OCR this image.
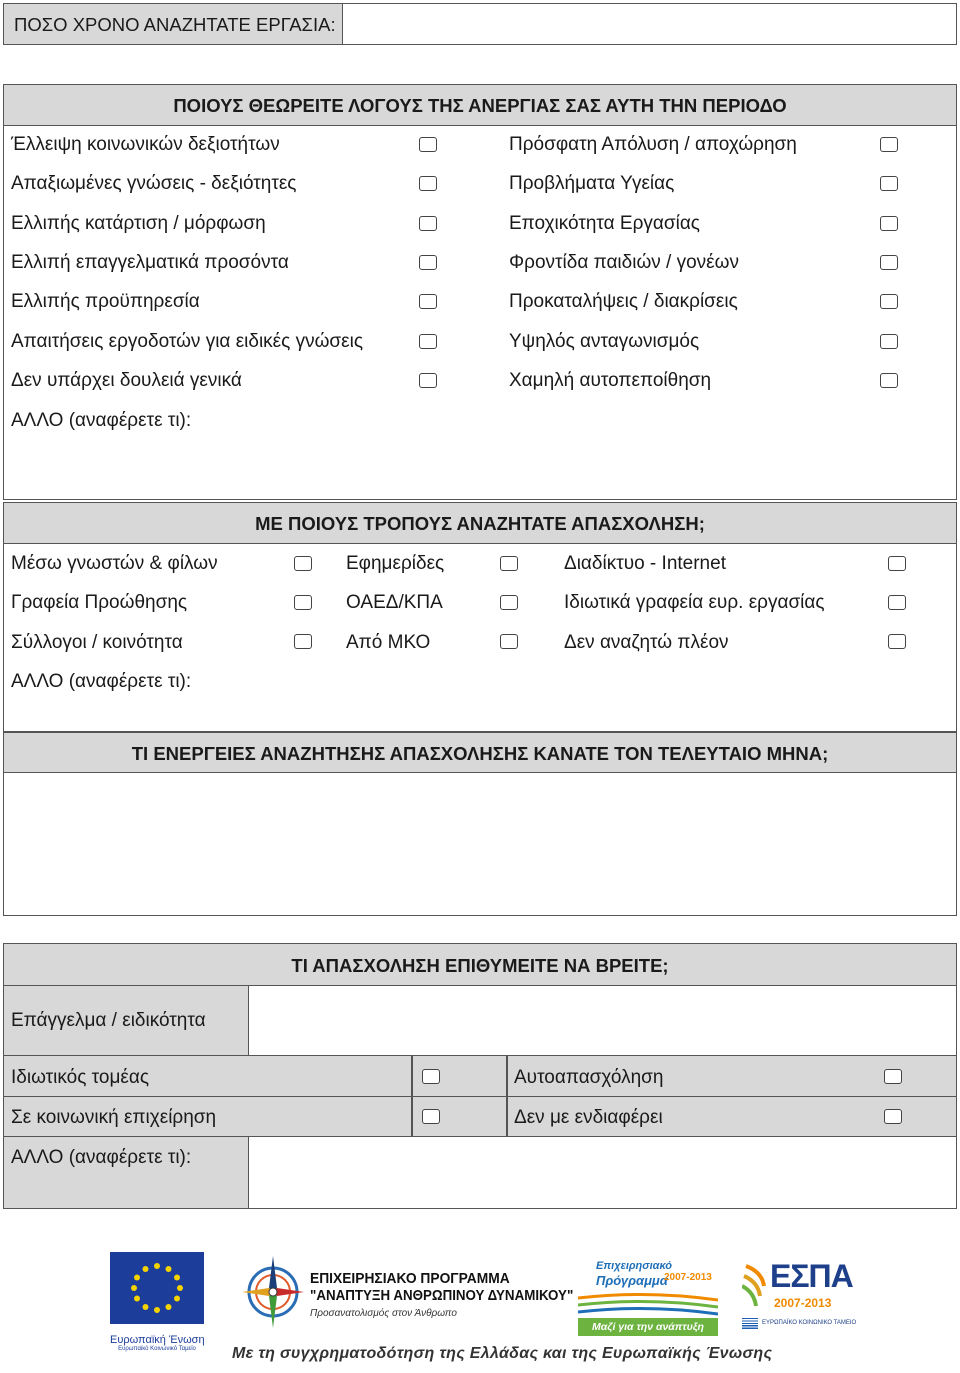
ΠΟΣΟ ΧΡΟΝΟ ΑΝΑΖΗΤΑΤΕ ΕΡΓΑΣΙΑ:
ΠΟΙΟΥΣ ΘΕΩΡΕΙΤΕ ΛΟΓΟΥΣ ΤΗΣ ΑΝΕΡΓΙΑΣ ΣΑΣ ΑΥΤΗ ΤΗΝ ΠΕΡΙΟΔΟ
Έλλειψη κοινωνικών δεξιοτήτων
Απαξιωμένες γνώσεις - δεξιότητες
Ελλιπής κατάρτιση / μόρφωση
Ελλιπή επαγγελματικά προσόντα
Ελλιπής προϋπηρεσία
Απαιτήσεις εργοδοτών για ειδικές γνώσεις
Δεν υπάρχει δουλειά γενικά
Πρόσφατη Απόλυση / αποχώρηση
Προβλήματα Υγείας
Εποχικότητα Εργασίας
Φροντίδα παιδιών / γονέων
Προκαταλήψεις / διακρίσεις
Υψηλός ανταγωνισμός
Χαμηλή αυτοπεποίθηση
ΑΛΛΟ (αναφέρετε τι):
ΜΕ ΠΟΙΟΥΣ ΤΡΟΠΟΥΣ ΑΝΑΖΗΤΑΤΕ ΑΠΑΣΧΟΛΗΣΗ;
Μέσω γνωστών & φίλων
Γραφεία Προώθησης
Σύλλογοι / κοινότητα
Εφημερίδες
ΟΑΕΔ/ΚΠΑ
Από ΜΚΟ
Διαδίκτυο - Internet
Ιδιωτικά γραφεία ευρ. εργασίας
Δεν αναζητώ πλέον
ΑΛΛΟ (αναφέρετε τι):
ΤΙ ΕΝΕΡΓΕΙΕΣ ΑΝΑΖΗΤΗΣΗΣ ΑΠΑΣΧΟΛΗΣΗΣ ΚΑΝΑΤΕ ΤΟΝ ΤΕΛΕΥΤΑΙΟ ΜΗΝΑ;
ΤΙ ΑΠΑΣΧΟΛΗΣΗ ΕΠΙΘΥΜΕΙΤΕ ΝΑ ΒΡΕΙΤΕ;
Επάγγελμα / ειδικότητα
Ιδιωτικός τομέας
Σε κοινωνική επιχείρηση
Αυτοαπασχόληση
Δεν με ενδιαφέρει
ΑΛΛΟ (αναφέρετε τι):
Ευρωπαϊκή Ένωση
Ευρωπαϊκό Κοινωνικό Ταμείο
ΕΠΙΧΕΙΡΗΣΙΑΚΟ ΠΡΟΓΡΑΜΜΑ
"ΑΝΑΠΤΥΞΗ ΑΝΘΡΩΠΙΝΟΥ ΔΥΝΑΜΙΚΟΥ"
Προσανατολισμός στον Άνθρωπο
Επιχειρησιακό
Πρόγραμμα
2007-2013
Μαζί για την ανάπτυξη
ΕΣΠΑ
2007-2013
ΕΥΡΩΠΑΪΚΟ ΚΟΙΝΩΝΙΚΟ ΤΑΜΕΙΟ
Με τη συγχρηματοδότηση της Ελλάδας και της Ευρωπαϊκής Ένωσης
